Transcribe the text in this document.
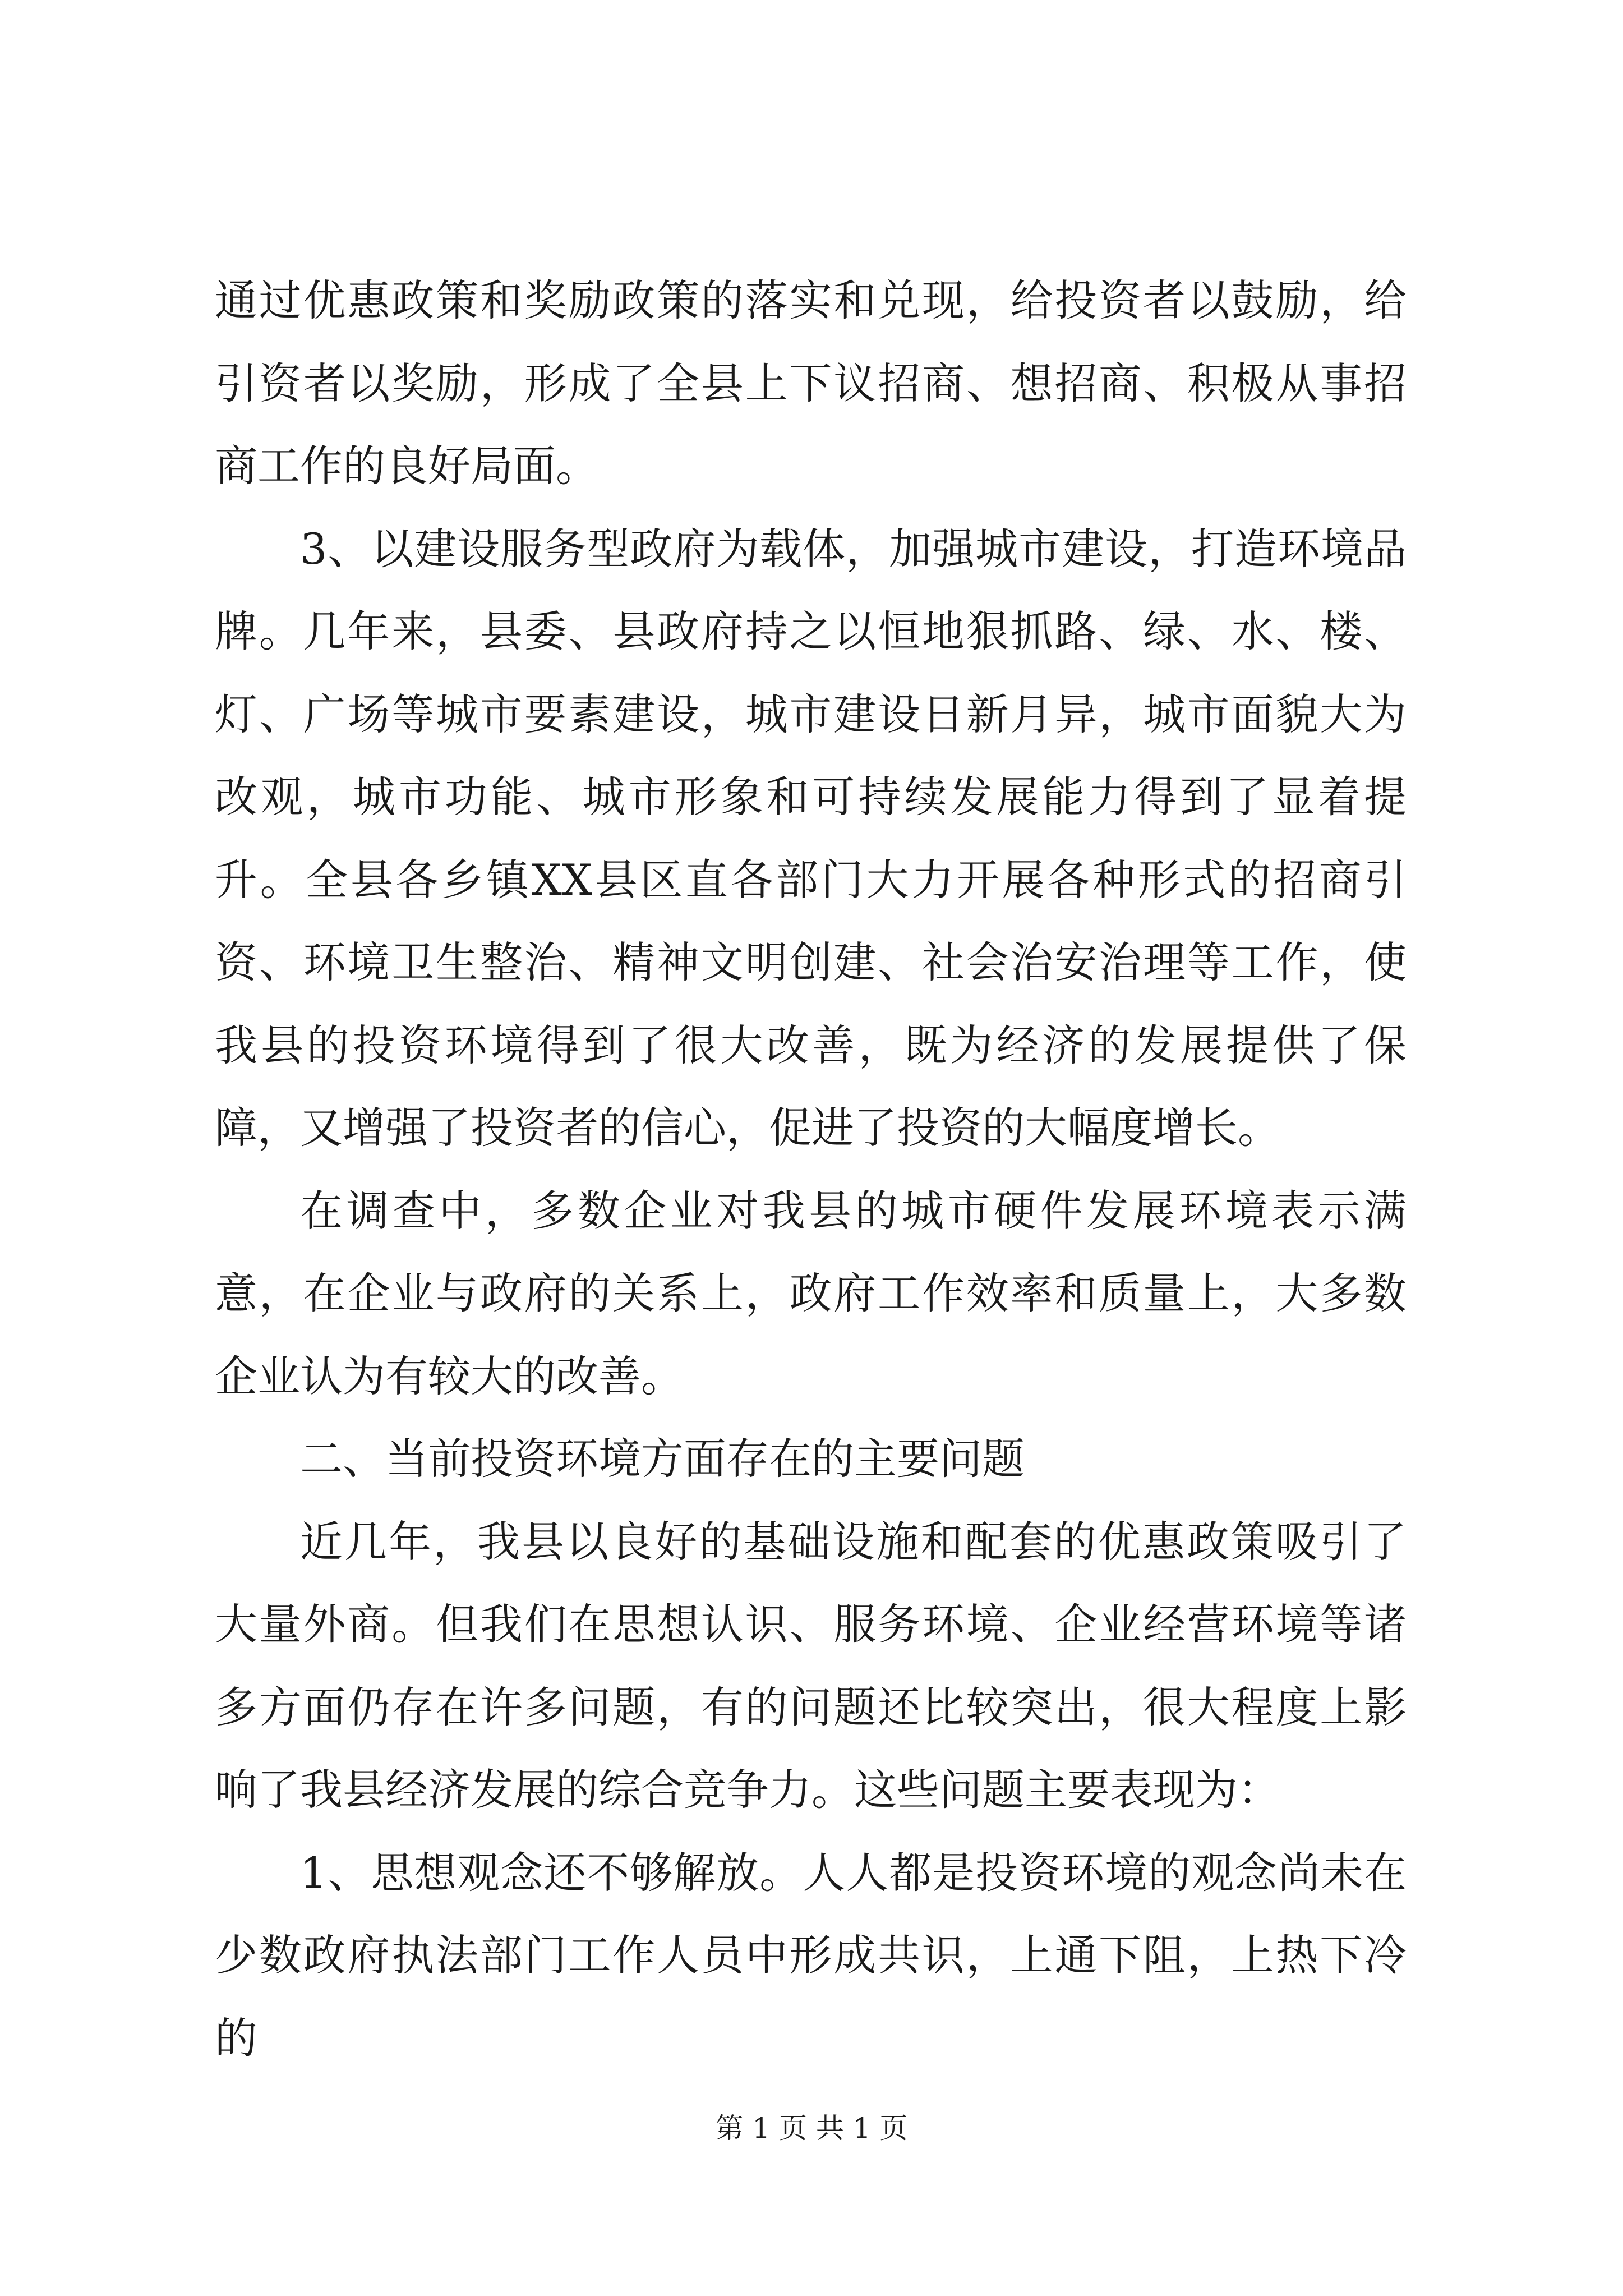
通过优惠政策和奖励政策的落实和兑现，给投资者以鼓励，给引资者以奖励，形成了全县上下议招商、想招商、积极从事招商工作的良好局面。

3、以建设服务型政府为载体，加强城市建设，打造环境品牌。几年来，县委、县政府持之以恒地狠抓路、绿、水、楼、灯、广场等城市要素建设，城市建设日新月异，城市面貌大为改观，城市功能、城市形象和可持续发展能力得到了显着提升。全县各乡镇XX县区直各部门大力开展各种形式的招商引资、环境卫生整治、精神文明创建、社会治安治理等工作，使我县的投资环境得到了很大改善，既为经济的发展提供了保障，又增强了投资者的信心，促进了投资的大幅度增长。

在调查中，多数企业对我县的城市硬件发展环境表示满意，在企业与政府的关系上，政府工作效率和质量上，大多数企业认为有较大的改善。

二、当前投资环境方面存在的主要问题

近几年，我县以良好的基础设施和配套的优惠政策吸引了大量外商。但我们在思想认识、服务环境、企业经营环境等诸多方面仍存在许多问题，有的问题还比较突出，很大程度上影响了我县经济发展的综合竞争力。这些问题主要表现为：

1、思想观念还不够解放。人人都是投资环境的观念尚未在少数政府执法部门工作人员中形成共识，上通下阻，上热下冷的

第 1 页 共 1 页
